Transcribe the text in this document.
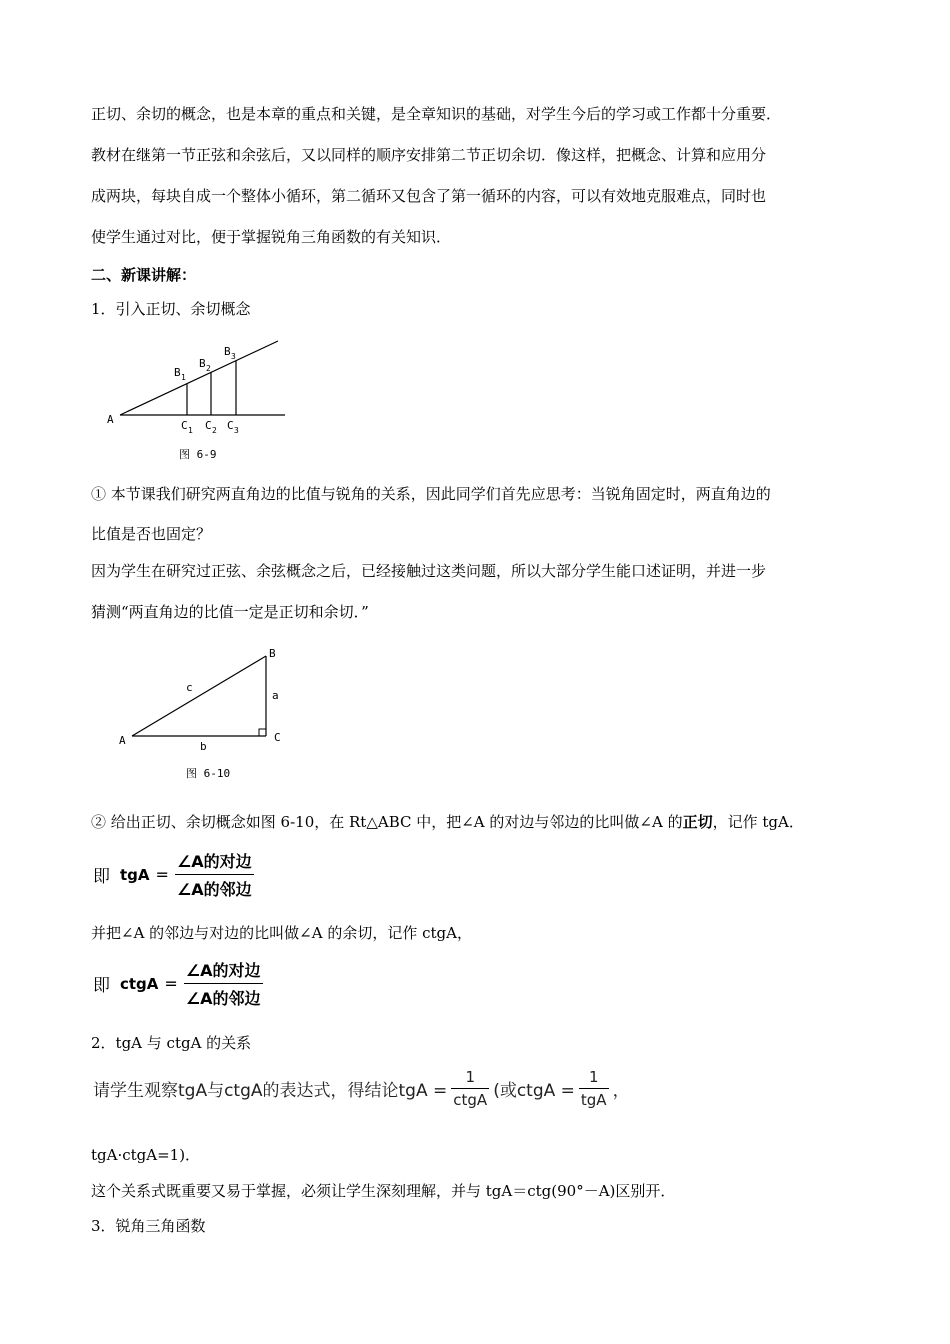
正切、余切的概念，也是本章的重点和关键，是全章知识的基础，对学生今后的学习或工作都十分重要．
教材在继第一节正弦和余弦后，又以同样的顺序安排第二节正切余切．像这样，把概念、计算和应用分
成两块，每块自成一个整体小循环，第二循环又包含了第一循环的内容，可以有效地克服难点，同时也
使学生通过对比，便于掌握锐角三角函数的有关知识．
二、新课讲解：
1．引入正切、余切概念
A
B 1
B 2
B 3
C 1 C 2 C 3
图 6-9
① 本节课我们研究两直角边的比值与锐角的关系，因此同学们首先应思考：当锐角固定时，两直角边的
比值是否也固定？
因为学生在研究过正弦、余弦概念之后，已经接触过这类问题，所以大部分学生能口述证明，并进一步
猜测“两直角边的比值一定是正切和余切．”
A
B
C
a
b
c
图 6-10
② 给出正切、余切概念如图 6-10，在 Rt△ABC 中，把∠A 的对边与邻边的比叫做∠A 的正切，记作 tgA．
即 tgA = $\frac{\text{∠A的对边}}{\text{∠A的邻边}}$
并把∠A 的邻边与对边的比叫做∠A 的余切，记作 ctgA，
即 ctgA = $\frac{\text{∠A的对边}}{\text{∠A的邻边}}$
2．tgA 与 ctgA 的关系
请学生观察tgA与ctgA的表达式，得结论tgA = $\frac{1}{\text{ctgA}}$ (或ctgA = $\frac{1}{\text{tgA}}$ ，
tgA·ctgA=1)．
这个关系式既重要又易于掌握，必须让学生深刻理解，并与 tgA＝ctg(90°－A)区别开．
3．锐角三角函数
